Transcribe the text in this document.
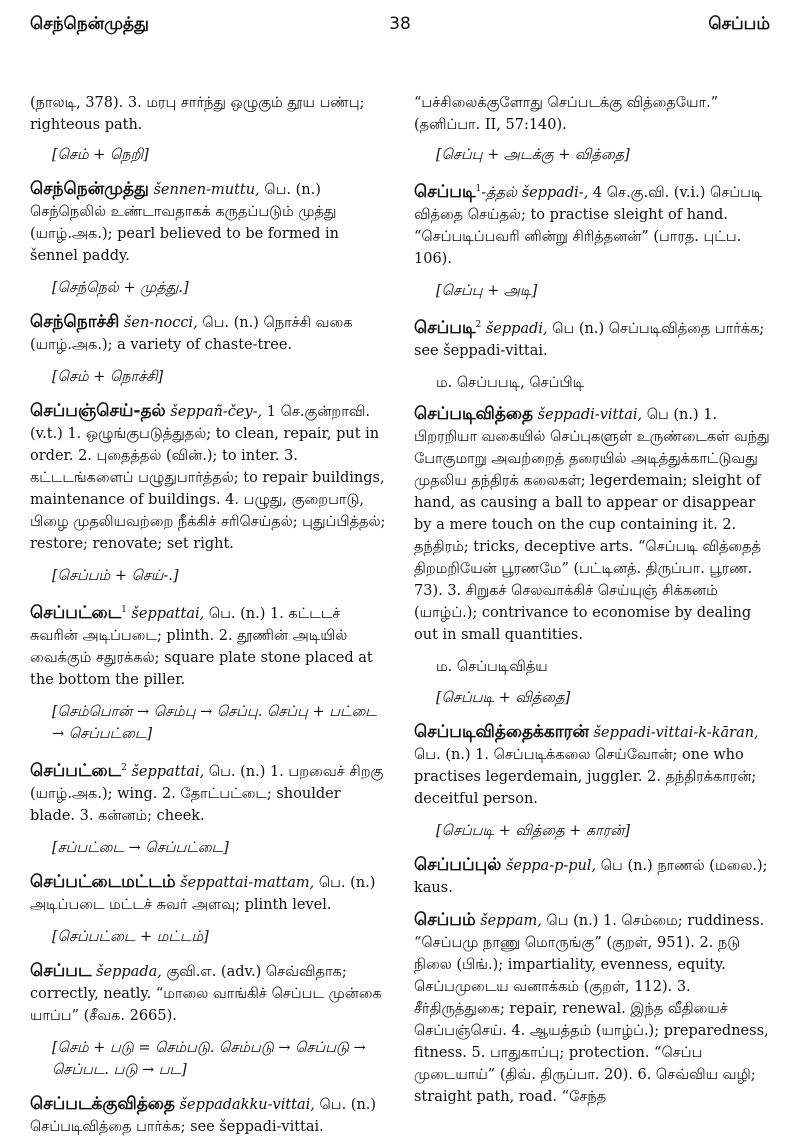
செந்நென்முத்து	38	செப்பம்
(நாலடி, 378). 3. மரபு சார்ந்து ஒழுகும் தூய பண்பு; righteous path.
[செம் + நெறி]
செந்நென்முத்து šennen-muttu, பெ. (n.) செந்நெலில் உண்டாவதாகக் கருதப்படும் முத்து (யாழ்.அக.); pearl believed to be formed in šennel paddy.
[செந்நெல் + முத்து.]
செந்நொச்சி šen-nocci, பெ. (n.) நொச்சி வகை (யாழ்.அக.); a variety of chaste-tree.
[செம் + நொச்சி]
செப்பஞ்செய்-தல் šeppañ-čey-, 1 செ.குன்றாவி. (v.t.) 1. ஒழுங்குபடுத்துதல்; to clean, repair, put in order. 2. புதைத்தல் (வின்.); to inter. 3. கட்டடங்களைப் பழுதுபார்த்தல்; to repair buildings, maintenance of buildings. 4. பழுது, குறைபாடு, பிழை முதலியவற்றை நீக்கிச் சரிசெய்தல்; புதுப்பித்தல்; restore; renovate; set right.
[செப்பம் + செய்-.]
செப்பட்டை$^1$ šeppattai, பெ. (n.) 1. கட்டடச் சுவரின் அடிப்படை; plinth. 2. தூணின் அடியில் வைக்கும் சதுரக்கல்; square plate stone placed at the bottom the piller.
[செம்பொன் → செம்பு → செப்பு. செப்பு + பட்டை → செப்பட்டை]
செப்பட்டை$^2$ šeppattai, பெ. (n.) 1. பறவைச் சிறகு (யாழ்.அக.); wing. 2. தோட்பட்டை; shoulder blade. 3. கன்னம்; cheek.
[சப்பட்டை → செப்பட்டை]
செப்பட்டைமட்டம் šeppattai-mattam, பெ. (n.) அடிப்படை மட்டச் சுவர் அளவு; plinth level.
[செப்பட்டை + மட்டம்]
செப்பட šeppada, குவி.எ. (adv.) செவ்விதாக; correctly, neatly. “மாலை வாங்கிச் செப்பட முன்கை யாப்ப” (சீவக. 2665).
[செம் + படு = செம்படு. செம்படு → செப்படு → செப்பட. படு → பட]
செப்படக்குவித்தை šeppadakku-vittai, பெ. (n.) செப்படிவித்தை பார்க்க; see šeppadi-vittai.
“பச்சிலைக்குளோது செப்படக்கு வித்தையோ.” (தனிப்பா. II, 57:140).
[செப்பு + அடக்கு + வித்தை]
செப்படி$^1$-த்தல் šeppadi-, 4 செ.கு.வி. (v.i.) செப்படி வித்தை செய்தல்; to practise sleight of hand. “செப்படிப்பவரி னின்று சிரித்தனன்” (பாரத. புட்ப. 106).
[செப்பு + அடி]
செப்படி$^2$ šeppadi, பெ (n.) செப்படிவித்தை பார்க்க; see šeppadi-vittai.
ம. செப்பபடி, செப்பிடி
செப்படிவித்தை šeppadi-vittai, பெ (n.) 1. பிறரறியா வகையில் செப்புகளுள் உருண்டைகள் வந்து போகுமாறு அவற்றைத் தரையில் அடித்துக்காட்டுவது முதலிய தந்திரக் கலைகள்; legerdemain; sleight of hand, as causing a ball to appear or disappear by a mere touch on the cup containing it. 2. தந்திரம்; tricks, deceptive arts. “செப்படி வித்தைத் திறமறியேன் பூரணமே” (பட்டினத். திருப்பா. பூரண. 73). 3. சிறுகச் செலவாக்கிச் செய்யுஞ் சிக்கனம் (யாழ்ப்.); contrivance to economise by dealing out in small quantities.
ம. செப்படிவித்ய
[செப்படி + வித்தை]
செப்படிவித்தைக்காரன் šeppadi-vittai-k-kāran, பெ. (n.) 1. செப்படிக்கலை செய்வோன்; one who practises legerdemain, juggler. 2. தந்திரக்காரன்; deceitful person.
[செப்படி + வித்தை + காரன்]
செப்பப்புல் šeppa-p-pul, பெ (n.) நாணல் (மலை.); kaus.
செப்பம் šeppam, பெ (n.) 1. செம்மை; ruddiness. “செப்பமு நாணு மொருங்கு” (குறள், 951). 2. நடு நிலை (பிங்.); impartiality, evenness, equity. செப்பமுடைய வனாக்கம் (குறள், 112). 3. சீர்திருத்துகை; repair, renewal. இந்த வீதியைச் செப்பஞ்செய். 4. ஆயத்தம் (யாழ்ப்.); preparedness, fitness. 5. பாதுகாப்பு; protection. “செப்ப முடையாய்” (திவ். திருப்பா. 20). 6. செவ்விய வழி; straight path, road. “சேந்த
